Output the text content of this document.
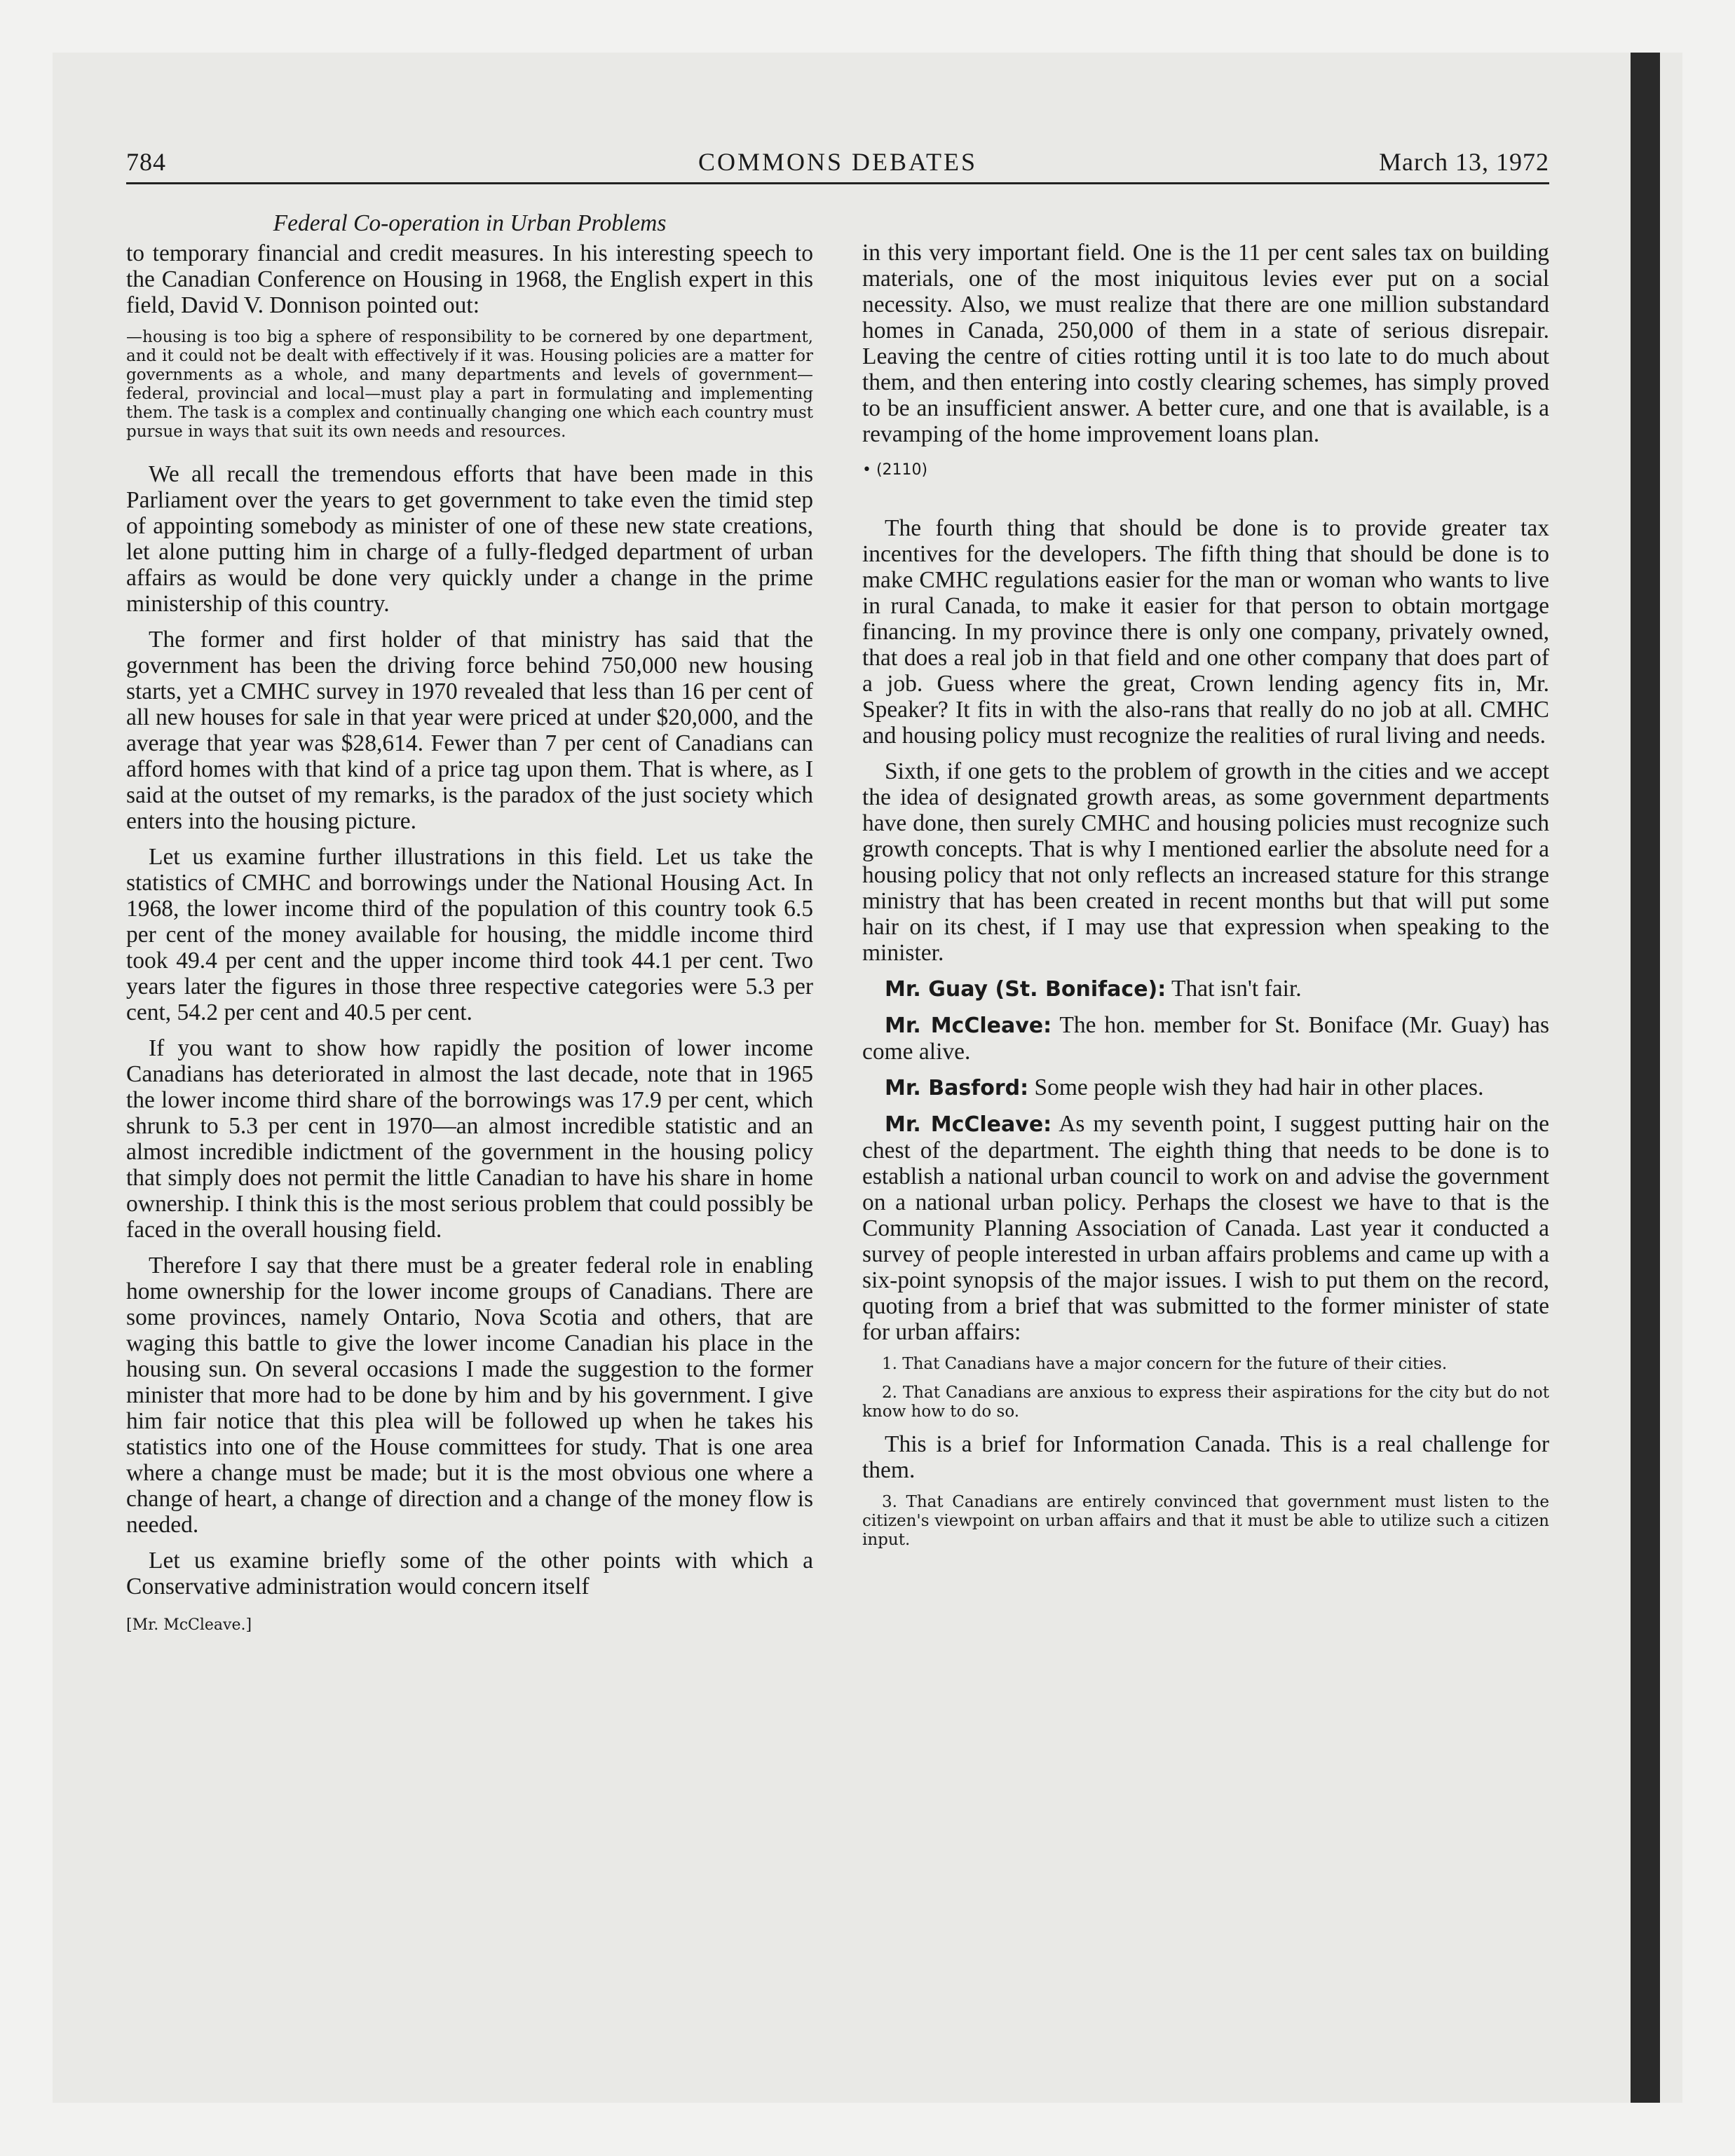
784	COMMONS DEBATES	March 13, 1972
Federal Co-operation in Urban Problems

to temporary financial and credit measures. In his interesting speech to the Canadian Conference on Housing in 1968, the English expert in this field, David V. Donnison pointed out:

—housing is too big a sphere of responsibility to be cornered by one department, and it could not be dealt with effectively if it was. Housing policies are a matter for governments as a whole, and many departments and levels of government—federal, provincial and local—must play a part in formulating and implementing them. The task is a complex and continually changing one which each country must pursue in ways that suit its own needs and resources.

We all recall the tremendous efforts that have been made in this Parliament over the years to get government to take even the timid step of appointing somebody as minister of one of these new state creations, let alone putting him in charge of a fully-fledged department of urban affairs as would be done very quickly under a change in the prime ministership of this country.

The former and first holder of that ministry has said that the government has been the driving force behind 750,000 new housing starts, yet a CMHC survey in 1970 revealed that less than 16 per cent of all new houses for sale in that year were priced at under $20,000, and the average that year was $28,614. Fewer than 7 per cent of Canadians can afford homes with that kind of a price tag upon them. That is where, as I said at the outset of my remarks, is the paradox of the just society which enters into the housing picture.

Let us examine further illustrations in this field. Let us take the statistics of CMHC and borrowings under the National Housing Act. In 1968, the lower income third of the population of this country took 6.5 per cent of the money available for housing, the middle income third took 49.4 per cent and the upper income third took 44.1 per cent. Two years later the figures in those three respective categories were 5.3 per cent, 54.2 per cent and 40.5 per cent.

If you want to show how rapidly the position of lower income Canadians has deteriorated in almost the last decade, note that in 1965 the lower income third share of the borrowings was 17.9 per cent, which shrunk to 5.3 per cent in 1970—an almost incredible statistic and an almost incredible indictment of the government in the housing policy that simply does not permit the little Canadian to have his share in home ownership. I think this is the most serious problem that could possibly be faced in the overall housing field.

Therefore I say that there must be a greater federal role in enabling home ownership for the lower income groups of Canadians. There are some provinces, namely Ontario, Nova Scotia and others, that are waging this battle to give the lower income Canadian his place in the housing sun. On several occasions I made the suggestion to the former minister that more had to be done by him and by his government. I give him fair notice that this plea will be followed up when he takes his statistics into one of the House committees for study. That is one area where a change must be made; but it is the most obvious one where a change of heart, a change of direction and a change of the money flow is needed.

Let us examine briefly some of the other points with which a Conservative administration would concern itself

[Mr. McCleave.]

in this very important field. One is the 11 per cent sales tax on building materials, one of the most iniquitous levies ever put on a social necessity. Also, we must realize that there are one million substandard homes in Canada, 250,000 of them in a state of serious disrepair. Leaving the centre of cities rotting until it is too late to do much about them, and then entering into costly clearing schemes, has simply proved to be an insufficient answer. A better cure, and one that is available, is a revamping of the home improvement loans plan.

• (2110)

The fourth thing that should be done is to provide greater tax incentives for the developers. The fifth thing that should be done is to make CMHC regulations easier for the man or woman who wants to live in rural Canada, to make it easier for that person to obtain mortgage financing. In my province there is only one company, privately owned, that does a real job in that field and one other company that does part of a job. Guess where the great, Crown lending agency fits in, Mr. Speaker? It fits in with the also-rans that really do no job at all. CMHC and housing policy must recognize the realities of rural living and needs.

Sixth, if one gets to the problem of growth in the cities and we accept the idea of designated growth areas, as some government departments have done, then surely CMHC and housing policies must recognize such growth concepts. That is why I mentioned earlier the absolute need for a housing policy that not only reflects an increased stature for this strange ministry that has been created in recent months but that will put some hair on its chest, if I may use that expression when speaking to the minister.

Mr. Guay (St. Boniface): That isn't fair.

Mr. McCleave: The hon. member for St. Boniface (Mr. Guay) has come alive.

Mr. Basford: Some people wish they had hair in other places.

Mr. McCleave: As my seventh point, I suggest putting hair on the chest of the department. The eighth thing that needs to be done is to establish a national urban council to work on and advise the government on a national urban policy. Perhaps the closest we have to that is the Community Planning Association of Canada. Last year it conducted a survey of people interested in urban affairs problems and came up with a six-point synopsis of the major issues. I wish to put them on the record, quoting from a brief that was submitted to the former minister of state for urban affairs:

1. That Canadians have a major concern for the future of their cities.

2. That Canadians are anxious to express their aspirations for the city but do not know how to do so.

This is a brief for Information Canada. This is a real challenge for them.

3. That Canadians are entirely convinced that government must listen to the citizen's viewpoint on urban affairs and that it must be able to utilize such a citizen input.
